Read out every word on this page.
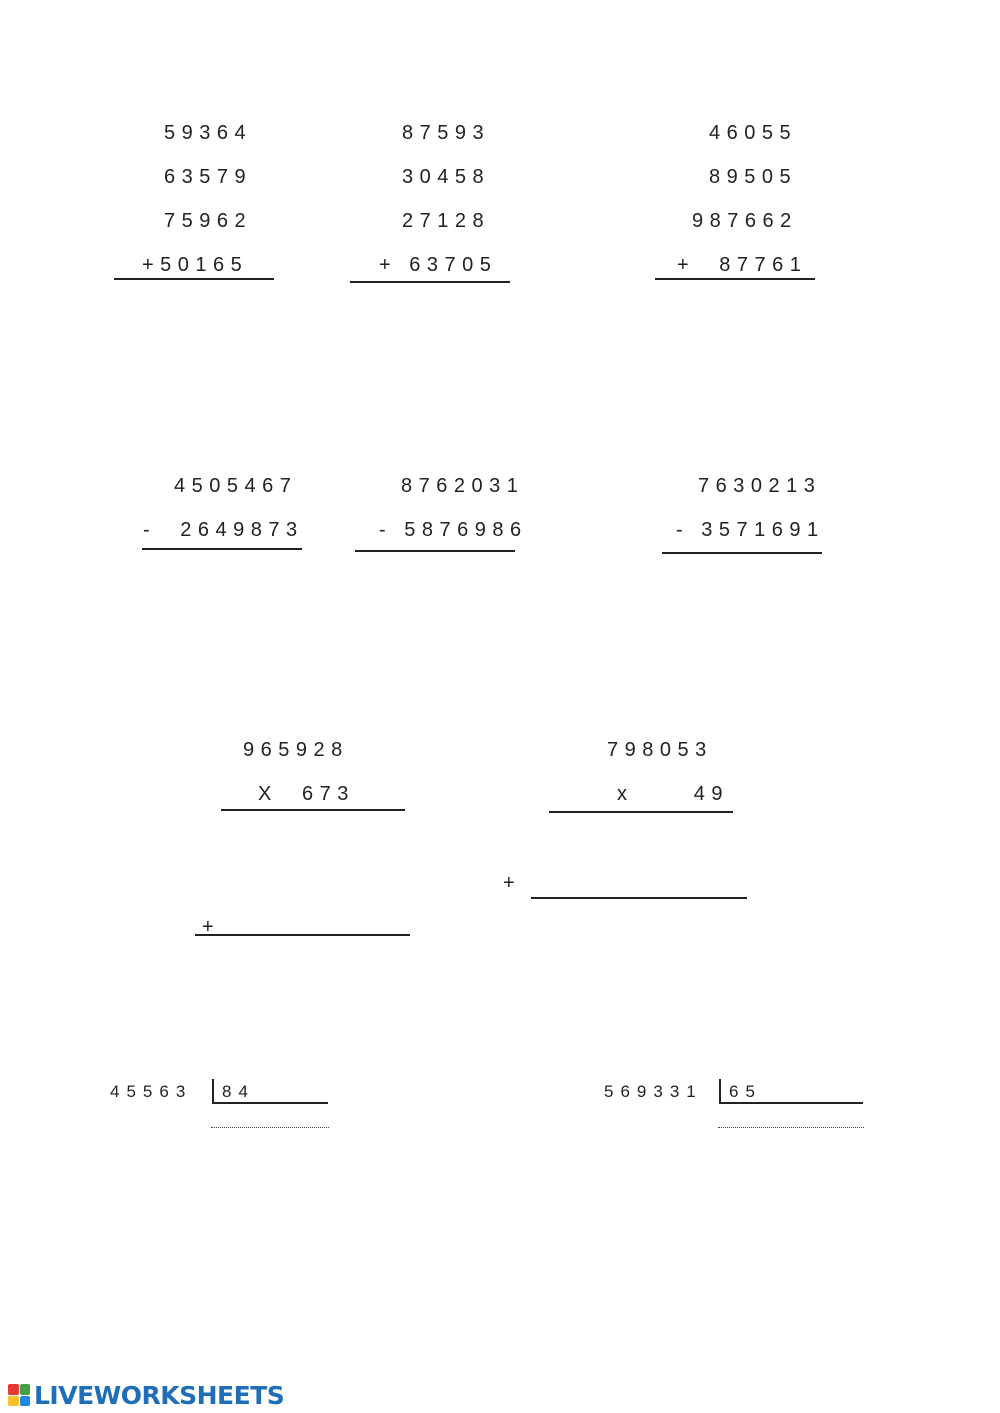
59364
63579
75962
+50165
87593
30458
27128
+ 63705
46055
89505
987662
+  87761
4505467
-  2649873
8762031
- 5876986
7630213
- 3571691
965928
X  673
+
798053
x     49
+
45563 84	569331 65
LIVEWORKSHEETS
